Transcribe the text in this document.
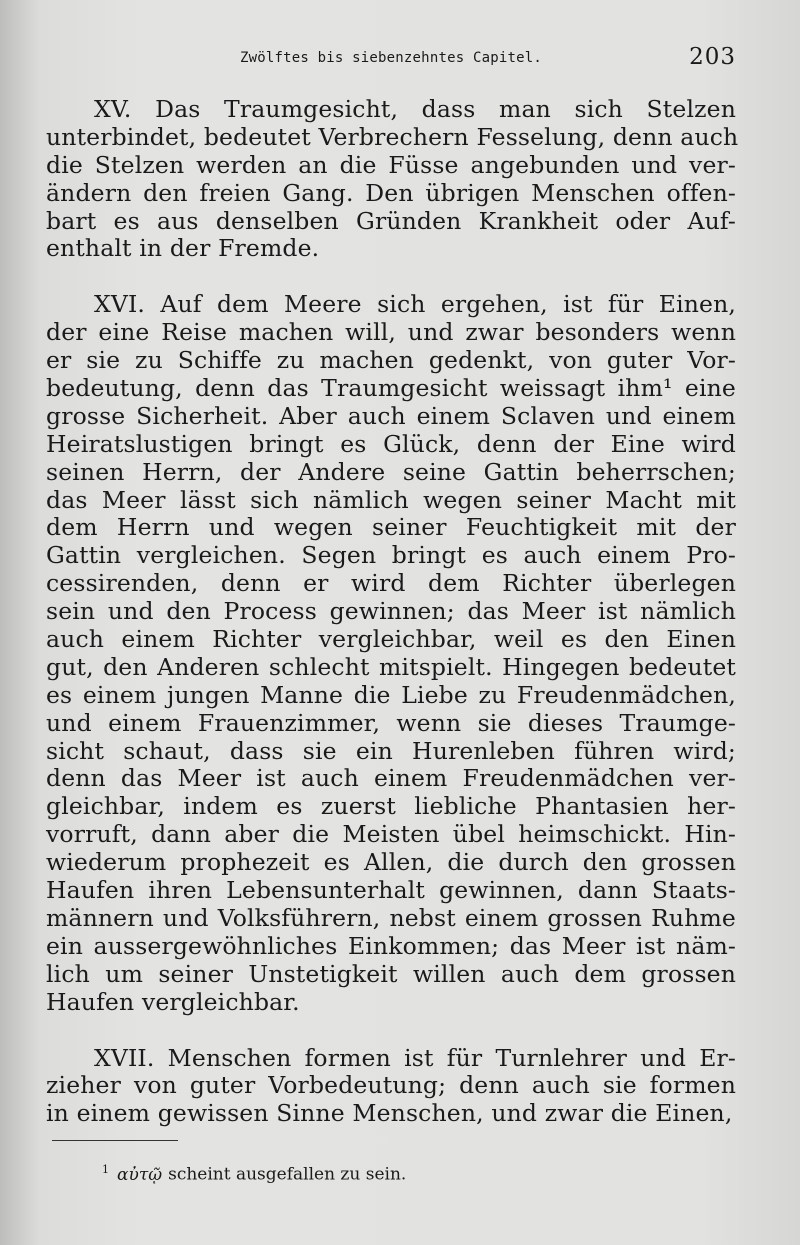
Zwölftes bis siebenzehntes Capitel.	203

XV. Das Traumgesicht, dass man sich Stelzen
unterbindet, bedeutet Verbrechern Fesselung, denn auch
die Stelzen werden an die Füsse angebunden und ver-
ändern den freien Gang. Den übrigen Menschen offen-
bart es aus denselben Gründen Krankheit oder Auf-
enthalt in der Fremde.

XVI. Auf dem Meere sich ergehen, ist für Einen,
der eine Reise machen will, und zwar besonders wenn
er sie zu Schiffe zu machen gedenkt, von guter Vor-
bedeutung, denn das Traumgesicht weissagt ihm¹ eine
grosse Sicherheit. Aber auch einem Sclaven und einem
Heiratslustigen bringt es Glück, denn der Eine wird
seinen Herrn, der Andere seine Gattin beherrschen;
das Meer lässt sich nämlich wegen seiner Macht mit
dem Herrn und wegen seiner Feuchtigkeit mit der
Gattin vergleichen. Segen bringt es auch einem Pro-
cessirenden, denn er wird dem Richter überlegen
sein und den Process gewinnen; das Meer ist nämlich
auch einem Richter vergleichbar, weil es den Einen
gut, den Anderen schlecht mitspielt. Hingegen bedeutet
es einem jungen Manne die Liebe zu Freudenmädchen,
und einem Frauenzimmer, wenn sie dieses Traumge-
sicht schaut, dass sie ein Hurenleben führen wird;
denn das Meer ist auch einem Freudenmädchen ver-
gleichbar, indem es zuerst liebliche Phantasien her-
vorruft, dann aber die Meisten übel heimschickt. Hin-
wiederum prophezeit es Allen, die durch den grossen
Haufen ihren Lebensunterhalt gewinnen, dann Staats-
männern und Volksführern, nebst einem grossen Ruhme
ein aussergewöhnliches Einkommen; das Meer ist näm-
lich um seiner Unstetigkeit willen auch dem grossen
Haufen vergleichbar.

XVII. Menschen formen ist für Turnlehrer und Er-
zieher von guter Vorbedeutung; denn auch sie formen
in einem gewissen Sinne Menschen, und zwar die Einen,

$^1$ αὐτῷ scheint ausgefallen zu sein.
